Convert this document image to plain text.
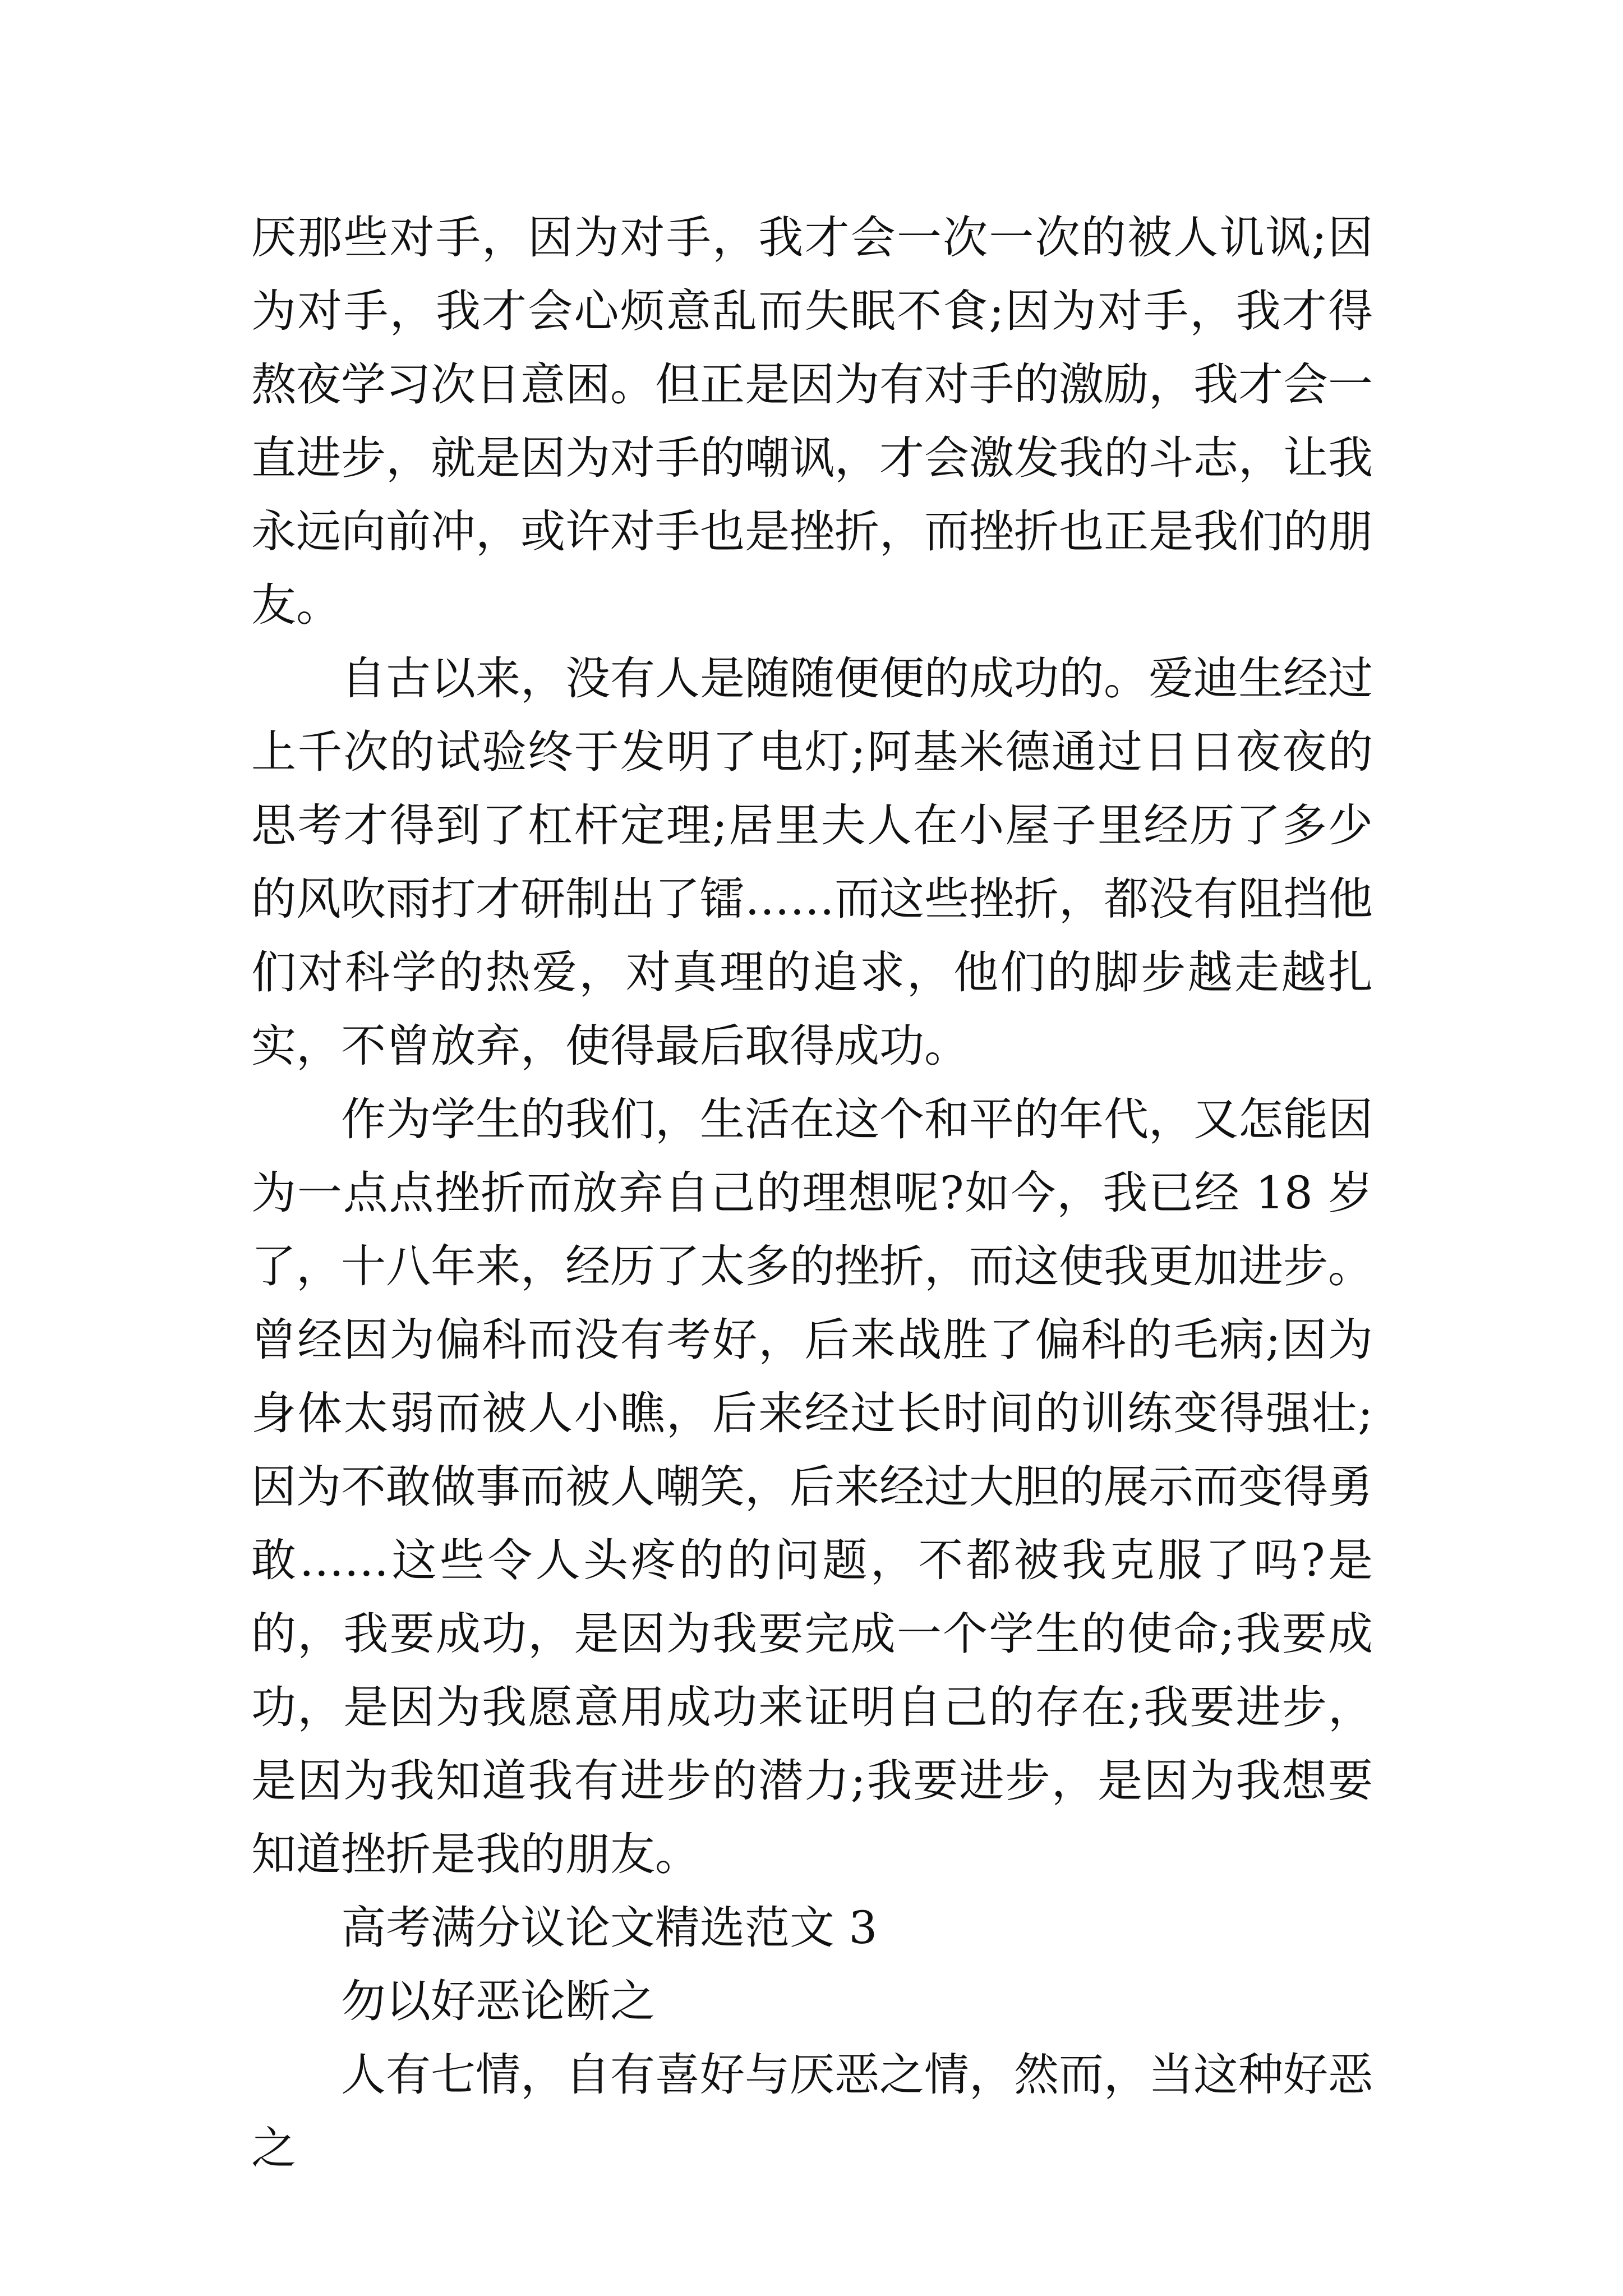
厌那些对手，因为对手，我才会一次一次的被人讥讽;因为对手，我才会心烦意乱而失眠不食;因为对手，我才得熬夜学习次日意困。但正是因为有对手的激励，我才会一直进步，就是因为对手的嘲讽，才会激发我的斗志，让我永远向前冲，或许对手也是挫折，而挫折也正是我们的朋友。

自古以来，没有人是随随便便的成功的。爱迪生经过上千次的试验终于发明了电灯;阿基米德通过日日夜夜的思考才得到了杠杆定理;居里夫人在小屋子里经历了多少的风吹雨打才研制出了镭……而这些挫折，都没有阻挡他们对科学的热爱，对真理的追求，他们的脚步越走越扎实，不曾放弃，使得最后取得成功。

作为学生的我们，生活在这个和平的年代，又怎能因为一点点挫折而放弃自己的理想呢?如今，我已经 18 岁了，十八年来，经历了太多的挫折，而这使我更加进步。曾经因为偏科而没有考好，后来战胜了偏科的毛病;因为身体太弱而被人小瞧，后来经过长时间的训练变得强壮;因为不敢做事而被人嘲笑，后来经过大胆的展示而变得勇敢……这些令人头疼的的问题，不都被我克服了吗?是的，我要成功，是因为我要完成一个学生的使命;我要成功，是因为我愿意用成功来证明自己的存在;我要进步，是因为我知道我有进步的潜力;我要进步，是因为我想要知道挫折是我的朋友。

高考满分议论文精选范文 3

勿以好恶论断之

人有七情，自有喜好与厌恶之情，然而，当这种好恶之
